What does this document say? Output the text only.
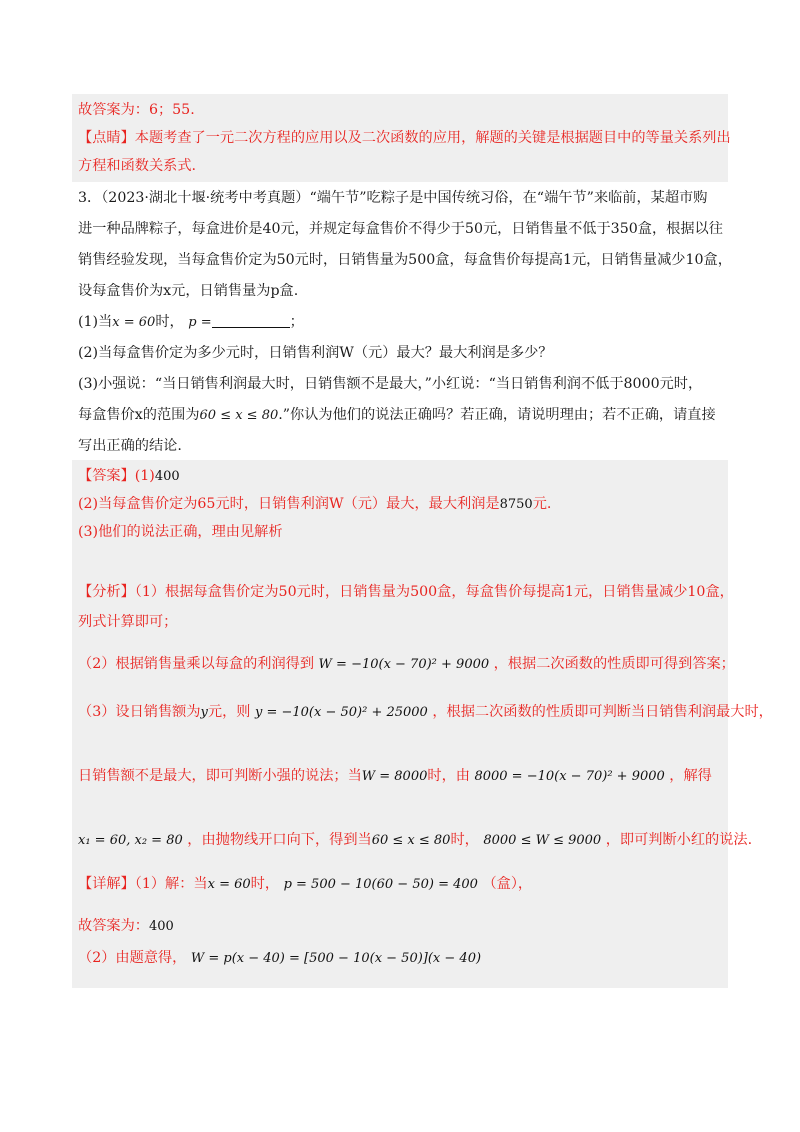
故答案为：6；55.
【点睛】本题考查了一元二次方程的应用以及二次函数的应用，解题的关键是根据题目中的等量关系列出
方程和函数关系式.
3．（2023·湖北十堰·统考中考真题）“端午节”吃粽子是中国传统习俗，在“端午节”来临前，某超市购
进一种品牌粽子，每盒进价是40元，并规定每盒售价不得少于50元，日销售量不低于350盒，根据以往
销售经验发现，当每盒售价定为50元时，日销售量为500盒，每盒售价每提高1元，日销售量减少10盒，
设每盒售价为x元，日销售量为p盒.
(1)当x = 60时， p =	；
(2)当每盒售价定为多少元时，日销售利润W（元）最大？最大利润是多少？
(3)小强说：“当日销售利润最大时，日销售额不是最大，”小红说：“当日销售利润不低于8000元时，
每盒售价x的范围为60 ≤ x ≤ 80.”你认为他们的说法正确吗？若正确，请说明理由；若不正确，请直接
写出正确的结论.
【答案】(1)400
(2)当每盒售价定为65元时，日销售利润W（元）最大，最大利润是8750元.
(3)他们的说法正确，理由见解析
【分析】（1）根据每盒售价定为50元时，日销售量为500盒，每盒售价每提高1元，日销售量减少10盒，
列式计算即可；
（2）根据销售量乘以每盒的利润得到 W = −10(x − 70)² + 9000 ，根据二次函数的性质即可得到答案；
（3）设日销售额为y元，则 y = −10(x − 50)² + 25000 ，根据二次函数的性质即可判断当日销售利润最大时，
日销售额不是最大，即可判断小强的说法；当W = 8000时，由 8000 = −10(x − 70)² + 9000 ，解得
x₁ = 60, x₂ = 80 ，由抛物线开口向下，得到当60 ≤ x ≤ 80时， 8000 ≤ W ≤ 9000 ，即可判断小红的说法.
【详解】（1）解：当x = 60时， p = 500 − 10(60 − 50) = 400 （盒），
故答案为：400
（2）由题意得， W = p(x − 40) = [500 − 10(x − 50)](x − 40)
